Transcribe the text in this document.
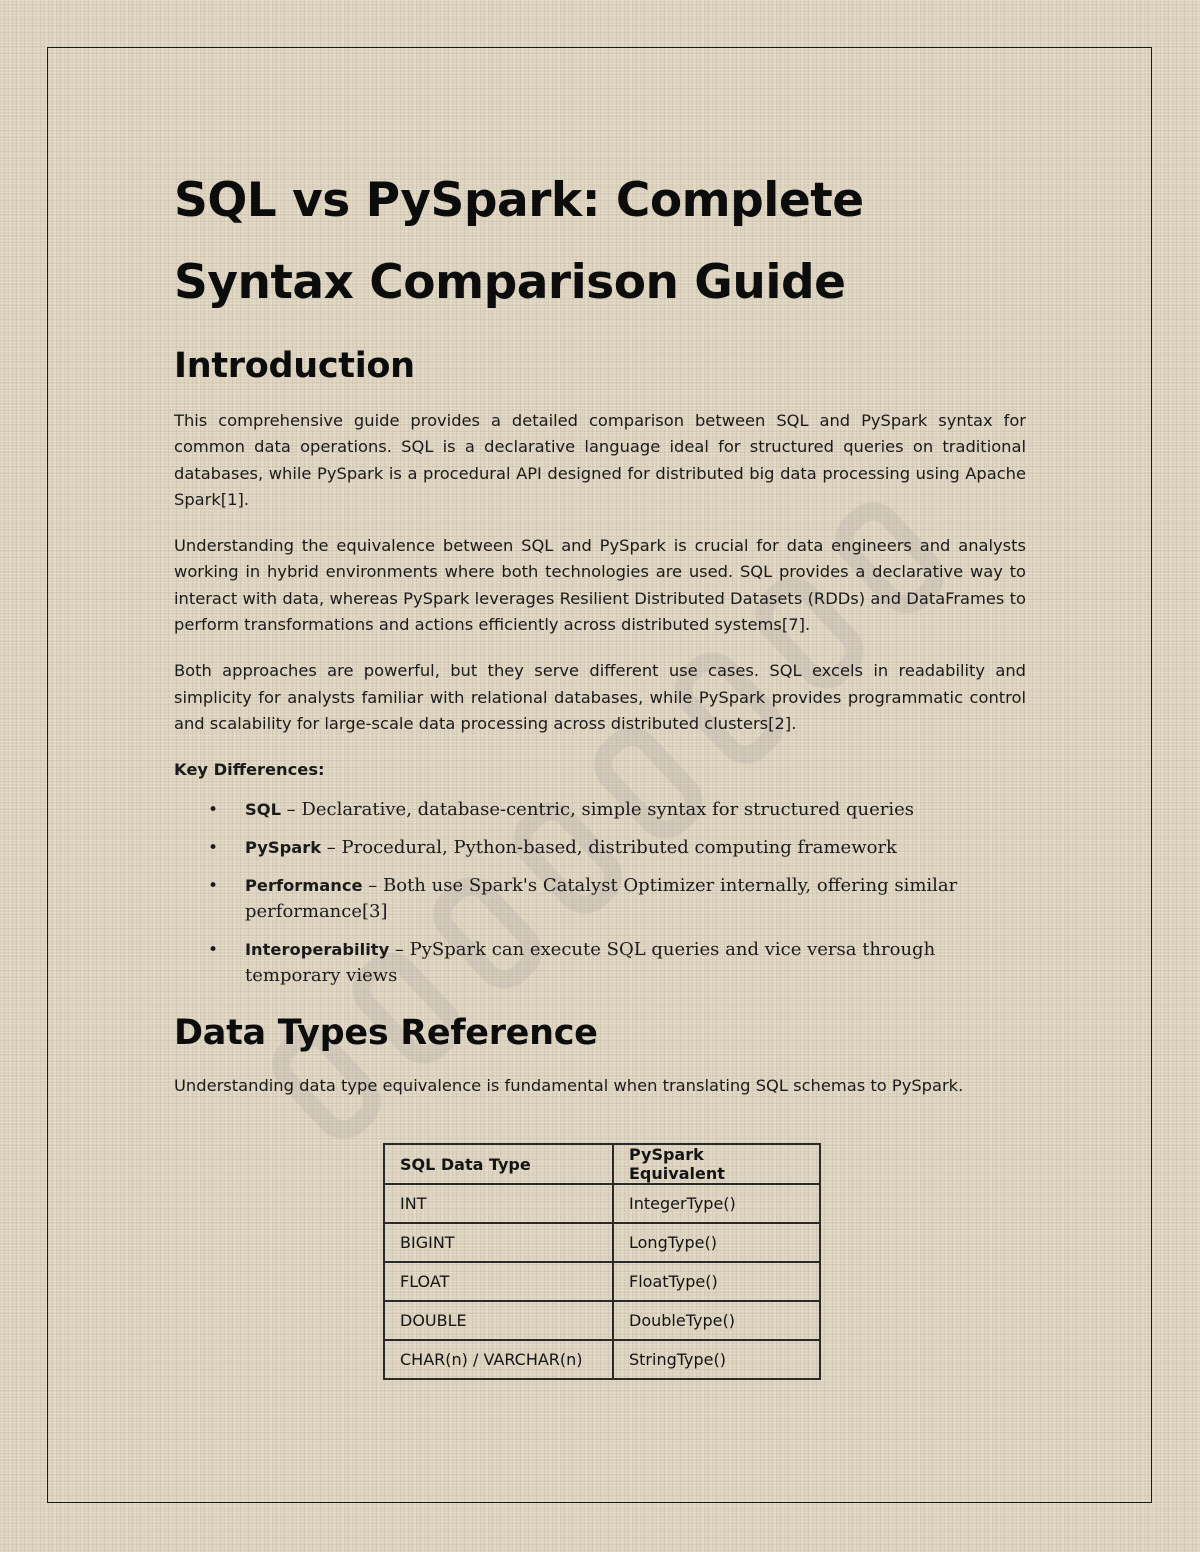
SQL vs PySpark: Complete Syntax Comparison Guide
Introduction

This comprehensive guide provides a detailed comparison between SQL and PySpark syntax for common data operations. SQL is a declarative language ideal for structured queries on traditional databases, while PySpark is a procedural API designed for distributed big data processing using Apache Spark[1].

Understanding the equivalence between SQL and PySpark is crucial for data engineers and analysts working in hybrid environments where both technologies are used. SQL provides a declarative way to interact with data, whereas PySpark leverages Resilient Distributed Datasets (RDDs) and DataFrames to perform transformations and actions efficiently across distributed systems[7].

Both approaches are powerful, but they serve different use cases. SQL excels in readability and simplicity for analysts familiar with relational databases, while PySpark provides programmatic control and scalability for large-scale data processing across distributed clusters[2].

Key Differences:

• SQL – Declarative, database-centric, simple syntax for structured queries
• PySpark – Procedural, Python-based, distributed computing framework
• Performance – Both use Spark's Catalyst Optimizer internally, offering similar performance[3]
• Interoperability – PySpark can execute SQL queries and vice versa through temporary views
Data Types Reference

Understanding data type equivalence is fundamental when translating SQL schemas to PySpark.

SQL Data Type	PySpark Equivalent
INT	IntegerType()
BIGINT	LongType()
FLOAT	FloatType()
DOUBLE	DoubleType()
CHAR(n) / VARCHAR(n)	StringType()
